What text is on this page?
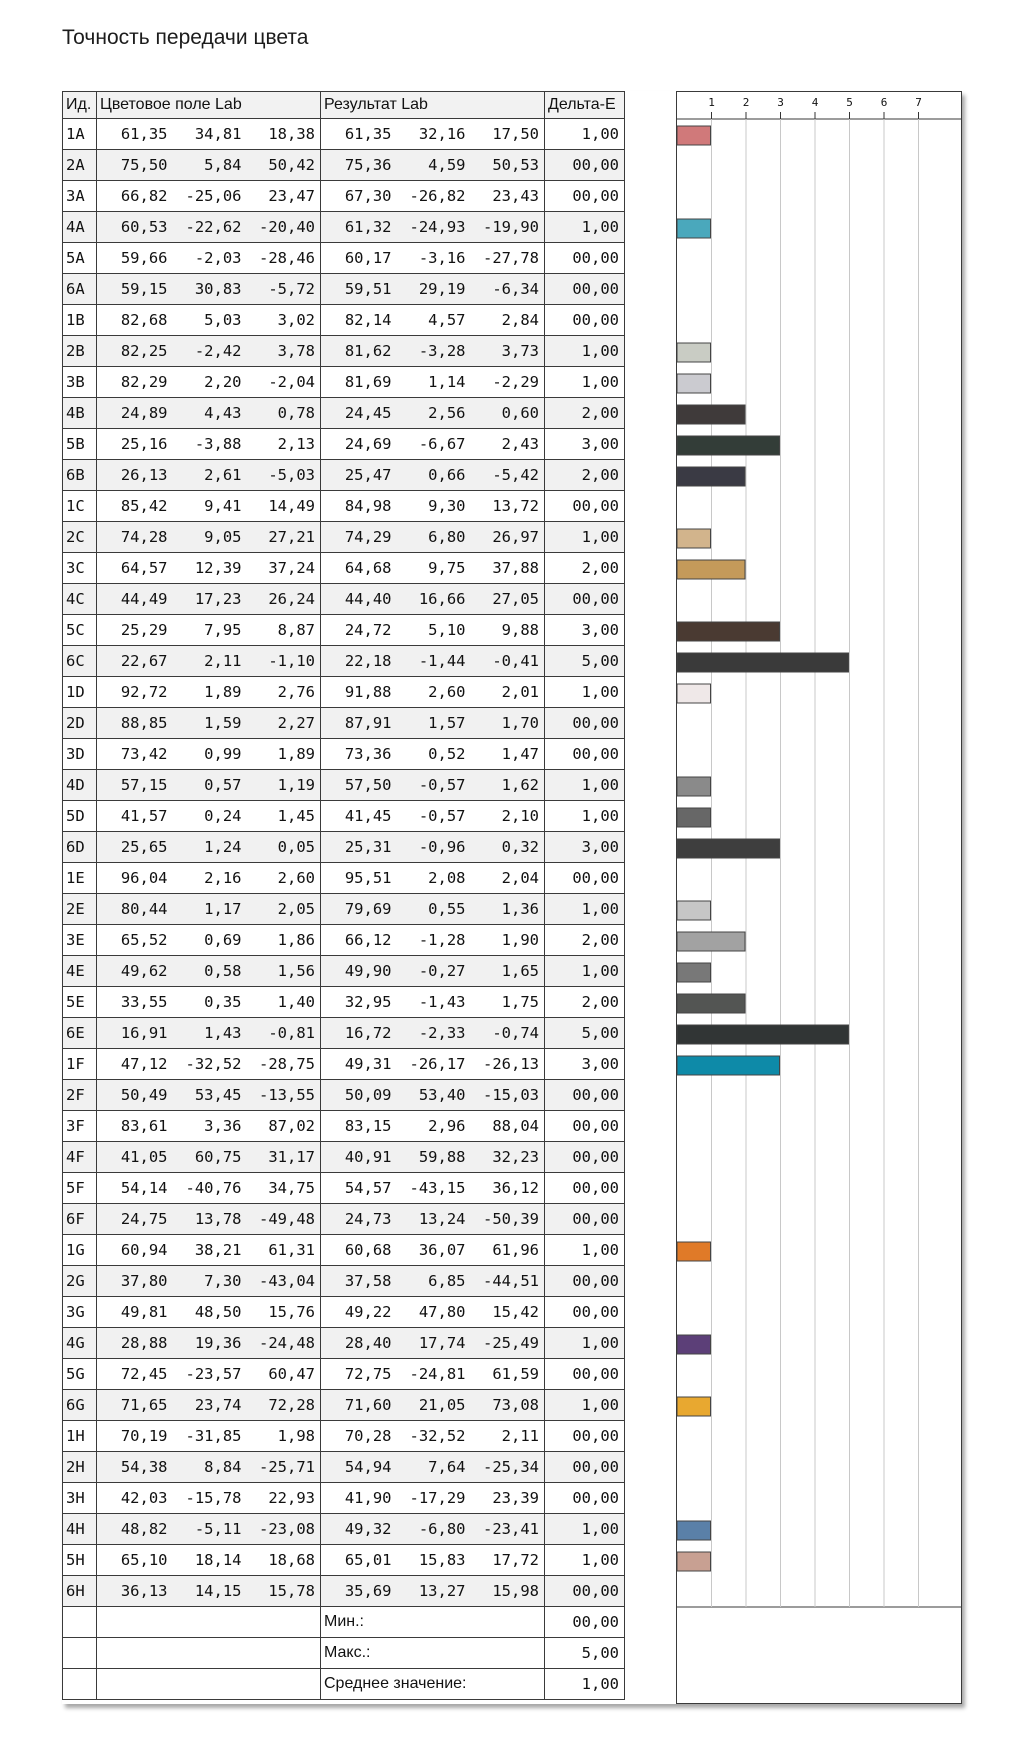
Точность передачи цвета
Ид.	Цветовое поле Lab			Результат Lab			Дельта-E
1A	61,35	34,81	18,38	61,35	32,16	17,50	1,00
2A	75,50	5,84	50,42	75,36	4,59	50,53	00,00
3A	66,82	-25,06	23,47	67,30	-26,82	23,43	00,00
4A	60,53	-22,62	-20,40	61,32	-24,93	-19,90	1,00
5A	59,66	-2,03	-28,46	60,17	-3,16	-27,78	00,00
6A	59,15	30,83	-5,72	59,51	29,19	-6,34	00,00
1B	82,68	5,03	3,02	82,14	4,57	2,84	00,00
2B	82,25	-2,42	3,78	81,62	-3,28	3,73	1,00
3B	82,29	2,20	-2,04	81,69	1,14	-2,29	1,00
4B	24,89	4,43	0,78	24,45	2,56	0,60	2,00
5B	25,16	-3,88	2,13	24,69	-6,67	2,43	3,00
6B	26,13	2,61	-5,03	25,47	0,66	-5,42	2,00
1C	85,42	9,41	14,49	84,98	9,30	13,72	00,00
2C	74,28	9,05	27,21	74,29	6,80	26,97	1,00
3C	64,57	12,39	37,24	64,68	9,75	37,88	2,00
4C	44,49	17,23	26,24	44,40	16,66	27,05	00,00
5C	25,29	7,95	8,87	24,72	5,10	9,88	3,00
6C	22,67	2,11	-1,10	22,18	-1,44	-0,41	5,00
1D	92,72	1,89	2,76	91,88	2,60	2,01	1,00
2D	88,85	1,59	2,27	87,91	1,57	1,70	00,00
3D	73,42	0,99	1,89	73,36	0,52	1,47	00,00
4D	57,15	0,57	1,19	57,50	-0,57	1,62	1,00
5D	41,57	0,24	1,45	41,45	-0,57	2,10	1,00
6D	25,65	1,24	0,05	25,31	-0,96	0,32	3,00
1E	96,04	2,16	2,60	95,51	2,08	2,04	00,00
2E	80,44	1,17	2,05	79,69	0,55	1,36	1,00
3E	65,52	0,69	1,86	66,12	-1,28	1,90	2,00
4E	49,62	0,58	1,56	49,90	-0,27	1,65	1,00
5E	33,55	0,35	1,40	32,95	-1,43	1,75	2,00
6E	16,91	1,43	-0,81	16,72	-2,33	-0,74	5,00
1F	47,12	-32,52	-28,75	49,31	-26,17	-26,13	3,00
2F	50,49	53,45	-13,55	50,09	53,40	-15,03	00,00
3F	83,61	3,36	87,02	83,15	2,96	88,04	00,00
4F	41,05	60,75	31,17	40,91	59,88	32,23	00,00
5F	54,14	-40,76	34,75	54,57	-43,15	36,12	00,00
6F	24,75	13,78	-49,48	24,73	13,24	-50,39	00,00
1G	60,94	38,21	61,31	60,68	36,07	61,96	1,00
2G	37,80	7,30	-43,04	37,58	6,85	-44,51	00,00
3G	49,81	48,50	15,76	49,22	47,80	15,42	00,00
4G	28,88	19,36	-24,48	28,40	17,74	-25,49	1,00
5G	72,45	-23,57	60,47	72,75	-24,81	61,59	00,00
6G	71,65	23,74	72,28	71,60	21,05	73,08	1,00
1H	70,19	-31,85	1,98	70,28	-32,52	2,11	00,00
2H	54,38	8,84	-25,71	54,94	7,64	-25,34	00,00
3H	42,03	-15,78	22,93	41,90	-17,29	23,39	00,00
4H	48,82	-5,11	-23,08	49,32	-6,80	-23,41	1,00
5H	65,10	18,14	18,68	65,01	15,83	17,72	1,00
6H	36,13	14,15	15,78	35,69	13,27	15,98	00,00
				Мин.:			00,00
				Макс.:			5,00
				Среднее значение:			1,00
1	2	3	4	5	6	7
